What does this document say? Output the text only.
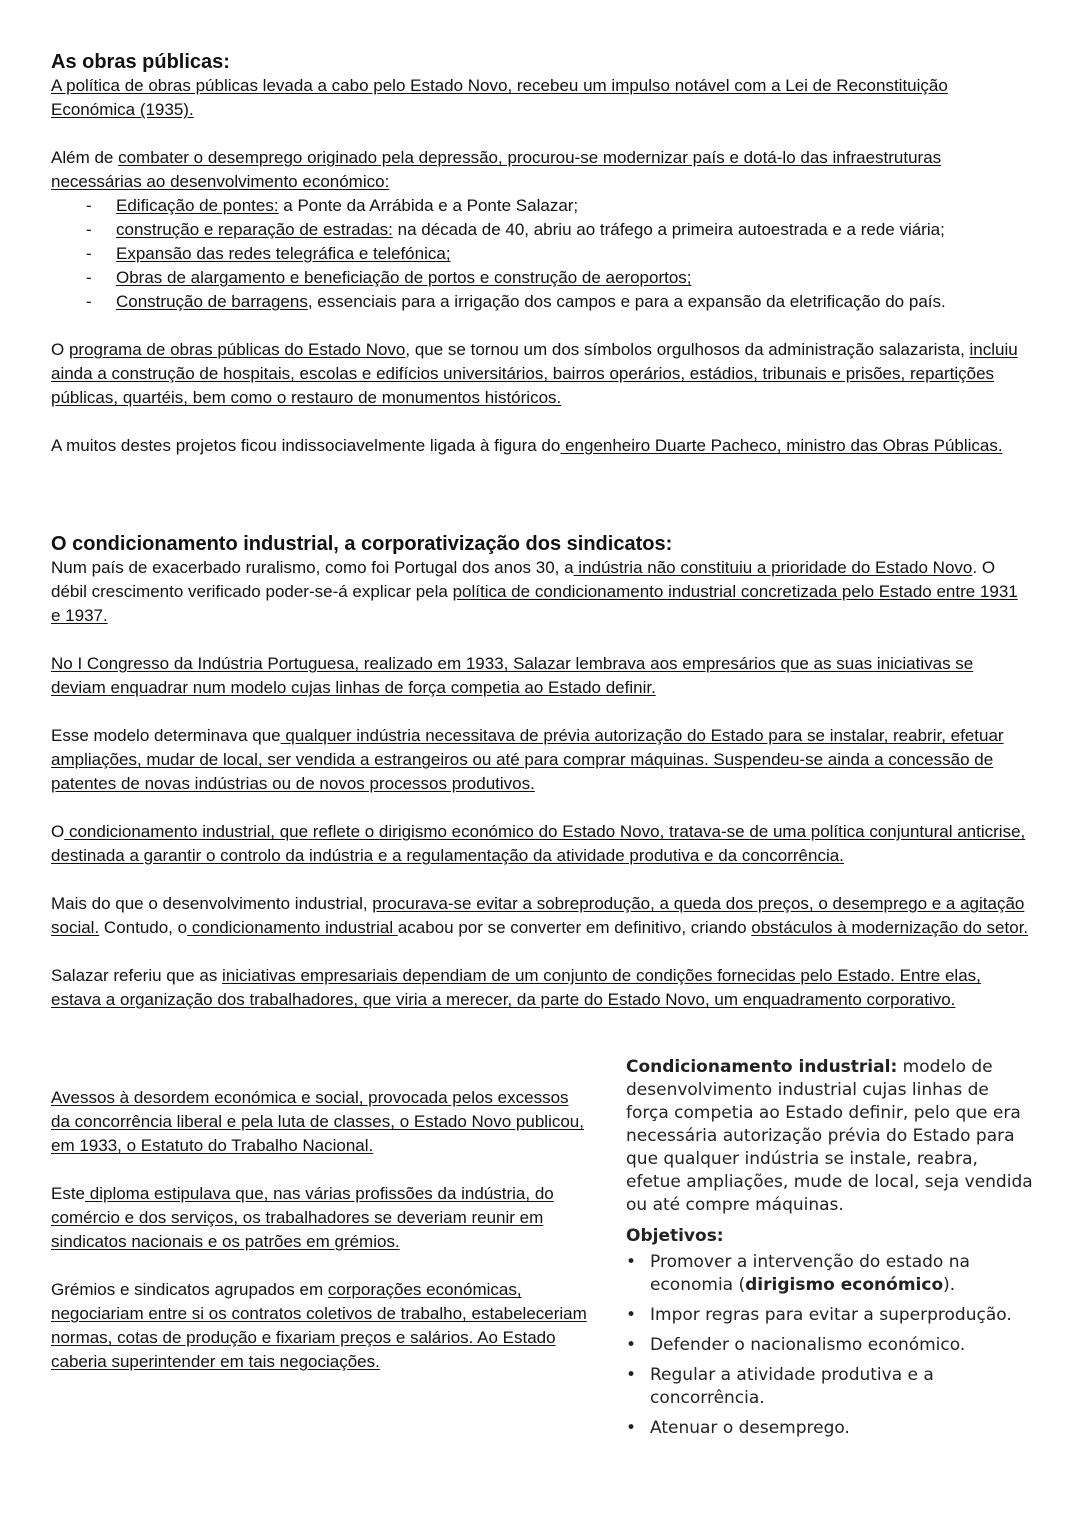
As obras públicas:

A política de obras públicas levada a cabo pelo Estado Novo, recebeu um impulso notável com a Lei de Reconstituição Económica (1935).

Além de combater o desemprego originado pela depressão, procurou-se modernizar país e dotá-lo das infraestruturas necessárias ao desenvolvimento económico:

- Edificação de pontes: a Ponte da Arrábida e a Ponte Salazar;
- construção e reparação de estradas: na década de 40, abriu ao tráfego a primeira autoestrada e a rede viária;
- Expansão das redes telegráfica e telefónica;
- Obras de alargamento e beneficiação de portos e construção de aeroportos;
- Construção de barragens, essenciais para a irrigação dos campos e para a expansão da eletrificação do país.

O programa de obras públicas do Estado Novo, que se tornou um dos símbolos orgulhosos da administração salazarista, incluiu ainda a construção de hospitais, escolas e edifícios universitários, bairros operários, estádios, tribunais e prisões, repartições públicas, quartéis, bem como o restauro de monumentos históricos.

A muitos destes projetos ficou indissociavelmente ligada à figura do engenheiro Duarte Pacheco, ministro das Obras Públicas.

O condicionamento industrial, a corporativização dos sindicatos:

Num país de exacerbado ruralismo, como foi Portugal dos anos 30, a indústria não constituiu a prioridade do Estado Novo. O débil crescimento verificado poder-se-á explicar pela política de condicionamento industrial concretizada pelo Estado entre 1931 e 1937.

No I Congresso da Indústria Portuguesa, realizado em 1933, Salazar lembrava aos empresários que as suas iniciativas se deviam enquadrar num modelo cujas linhas de força competia ao Estado definir.

Esse modelo determinava que qualquer indústria necessitava de prévia autorização do Estado para se instalar, reabrir, efetuar ampliações, mudar de local, ser vendida a estrangeiros ou até para comprar máquinas. Suspendeu-se ainda a concessão de patentes de novas indústrias ou de novos processos produtivos.

O condicionamento industrial, que reflete o dirigismo económico do Estado Novo, tratava-se de uma política conjuntural anticrise, destinada a garantir o controlo da indústria e a regulamentação da atividade produtiva e da concorrência.

Mais do que o desenvolvimento industrial, procurava-se evitar a sobreprodução, a queda dos preços, o desemprego e a agitação social. Contudo, o condicionamento industrial acabou por se converter em definitivo, criando obstáculos à modernização do setor.

Salazar referiu que as iniciativas empresariais dependiam de um conjunto de condições fornecidas pelo Estado. Entre elas, estava a organização dos trabalhadores, que viria a merecer, da parte do Estado Novo, um enquadramento corporativo.

Avessos à desordem económica e social, provocada pelos excessos da concorrência liberal e pela luta de classes, o Estado Novo publicou, em 1933, o Estatuto do Trabalho Nacional.

Este diploma estipulava que, nas várias profissões da indústria, do comércio e dos serviços, os trabalhadores se deveriam reunir em sindicatos nacionais e os patrões em grémios.

Grémios e sindicatos agrupados em corporações económicas, negociariam entre si os contratos coletivos de trabalho, estabeleceriam normas, cotas de produção e fixariam preços e salários. Ao Estado caberia superintender em tais negociações.

Condicionamento industrial: modelo de desenvolvimento industrial cujas linhas de força competia ao Estado definir, pelo que era necessária autorização prévia do Estado para que qualquer indústria se instale, reabra, efetue ampliações, mude de local, seja vendida ou até compre máquinas.

Objetivos:
• Promover a intervenção do estado na economia (dirigismo económico).
• Impor regras para evitar a superprodução.
• Defender o nacionalismo económico.
• Regular a atividade produtiva e a concorrência.
• Atenuar o desemprego.
